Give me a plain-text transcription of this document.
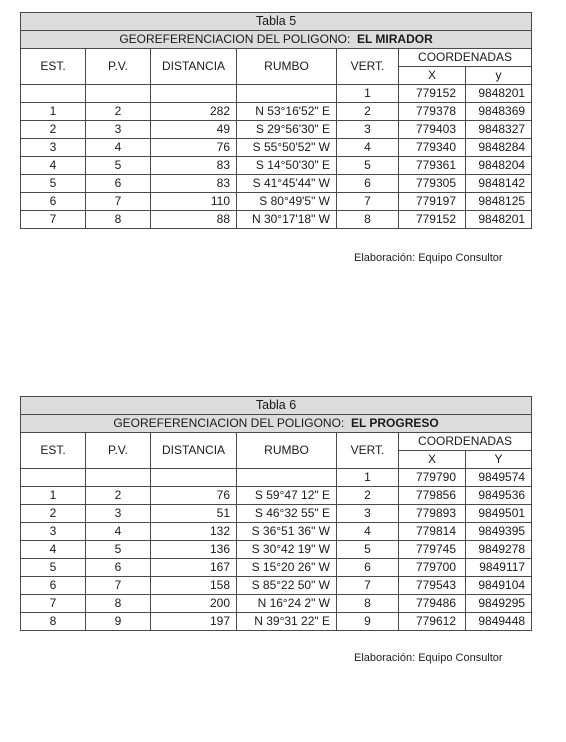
Tabla 5						
GEOREFERENCIACION DEL POLIGONO: EL MIRADOR						
EST.	P.V.	DISTANCIA	RUMBO	VERT.	COORDENADAS	
					X	y
				1	779152	9848201
1	2	282	N 53°16'52" E	2	779378	9848369
2	3	49	S 29°56'30" E	3	779403	9848327
3	4	76	S 55°50'52" W	4	779340	9848284
4	5	83	S 14°50'30" E	5	779361	9848204
5	6	83	S 41°45'44" W	6	779305	9848142
6	7	110	S 80°49'5" W	7	779197	9848125
7	8	88	N 30°17'18" W	8	779152	9848201
Elaboración: Equipo Consultor
Tabla 6						
GEOREFERENCIACION DEL POLIGONO: EL PROGRESO						
EST.	P.V.	DISTANCIA	RUMBO	VERT.	COORDENADAS	
					X	Y
				1	779790	9849574
1	2	76	S 59°47 12" E	2	779856	9849536
2	3	51	S 46°32 55" E	3	779893	9849501
3	4	132	S 36°51 36" W	4	779814	9849395
4	5	136	S 30°42 19" W	5	779745	9849278
5	6	167	S 15°20 26" W	6	779700	9849117
6	7	158	S 85°22 50" W	7	779543	9849104
7	8	200	N 16°24 2" W	8	779486	9849295
8	9	197	N 39°31 22" E	9	779612	9849448
Elaboración: Equipo Consultor
